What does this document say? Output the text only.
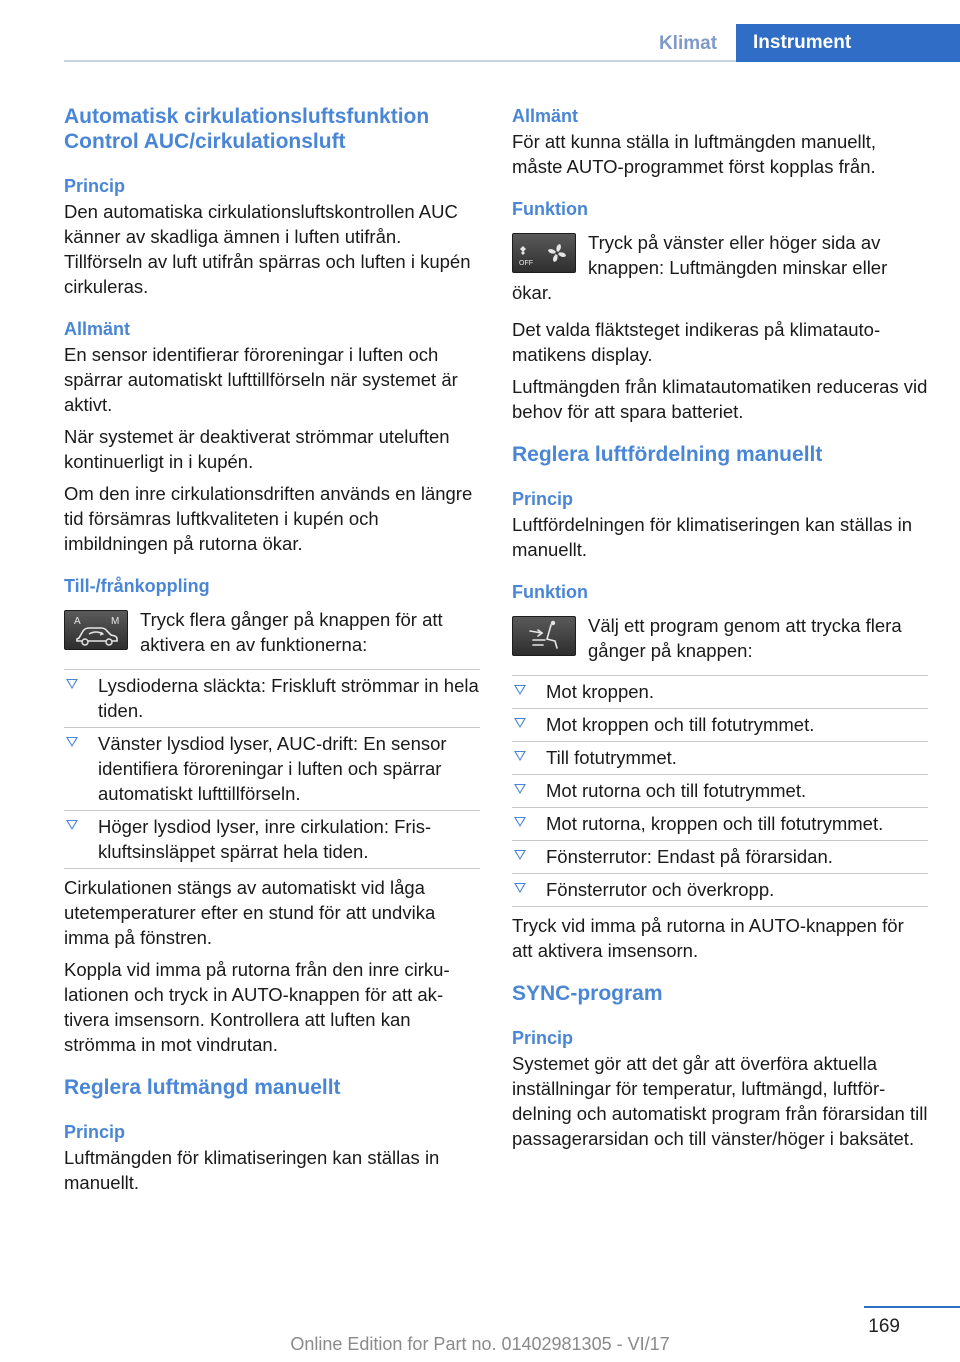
Klimat	Instrument
Automatisk cirkulationsluftsfunktion Control AUC/cirkulationsluft
Princip

Den automatiska cirkulationsluftskontrollen AUC känner av skadliga ämnen i luften utifrån. Tillförseln av luft utifrån spärras och luften i kupén cirkuleras.

Allmänt

En sensor identifierar föroreningar i luften och spärrar automatiskt lufttillförseln när systemet är aktivt.

När systemet är deaktiverat strömmar uteluften kontinuerligt in i kupén.

Om den inre cirkulationsdriften används en längre tid försämras luftkvaliteten i kupén och imbildningen på rutorna ökar.

Till-/frånkoppling
A	M Tryck flera gånger på knappen för att aktivera en av funktionerna:
Lysdioderna släckta: Friskluft strömmar in hela tiden.
Vänster lysdiod lyser, AUC-drift: En sensor identifiera föroreningar i luften och spärrar automatiskt lufttillförseln.
Höger lysdiod lyser, inre cirkulation: Friskluftsinsläppet spärrat hela tiden.

Cirkulationen stängs av automatiskt vid låga utetemperaturer efter en stund för att undvika imma på fönstren.

Koppla vid imma på rutorna från den inre cirkulationen och tryck in AUTO-knappen för att aktivera imsensorn. Kontrollera att luften kan strömma in mot vindrutan.

Reglera luftmängd manuellt
Princip

Luftmängden för klimatiseringen kan ställas in manuellt.

Allmänt

För att kunna ställa in luftmängden manuellt, måste AUTO-programmet först kopplas från.

Funktion
OFF
Tryck på vänster eller höger sida av knappen: Luftmängden minskar eller ökar.

Det valda fläktsteget indikeras på klimatautomatikens display.

Luftmängden från klimatautomatiken reduceras vid behov för att spara batteriet.

Reglera luftfördelning manuellt
Princip

Luftfördelningen för klimatiseringen kan ställas in manuellt.

Funktion
Välj ett program genom att trycka flera gånger på knappen:
Mot kroppen.
Mot kroppen och till fotutrymmet.
Till fotutrymmet.
Mot rutorna och till fotutrymmet.
Mot rutorna, kroppen och till fotutrymmet.
Fönsterrutor: Endast på förarsidan.
Fönsterrutor och överkropp.

Tryck vid imma på rutorna in AUTO-knappen för att aktivera imsensorn.

SYNC-program
Princip

Systemet gör att det går att överföra aktuella inställningar för temperatur, luftmängd, luftfördelning och automatiskt program från förarsidan till passagerarsidan och till vänster/höger i baksätet.

169
Online Edition for Part no. 01402981305 - VI/17
